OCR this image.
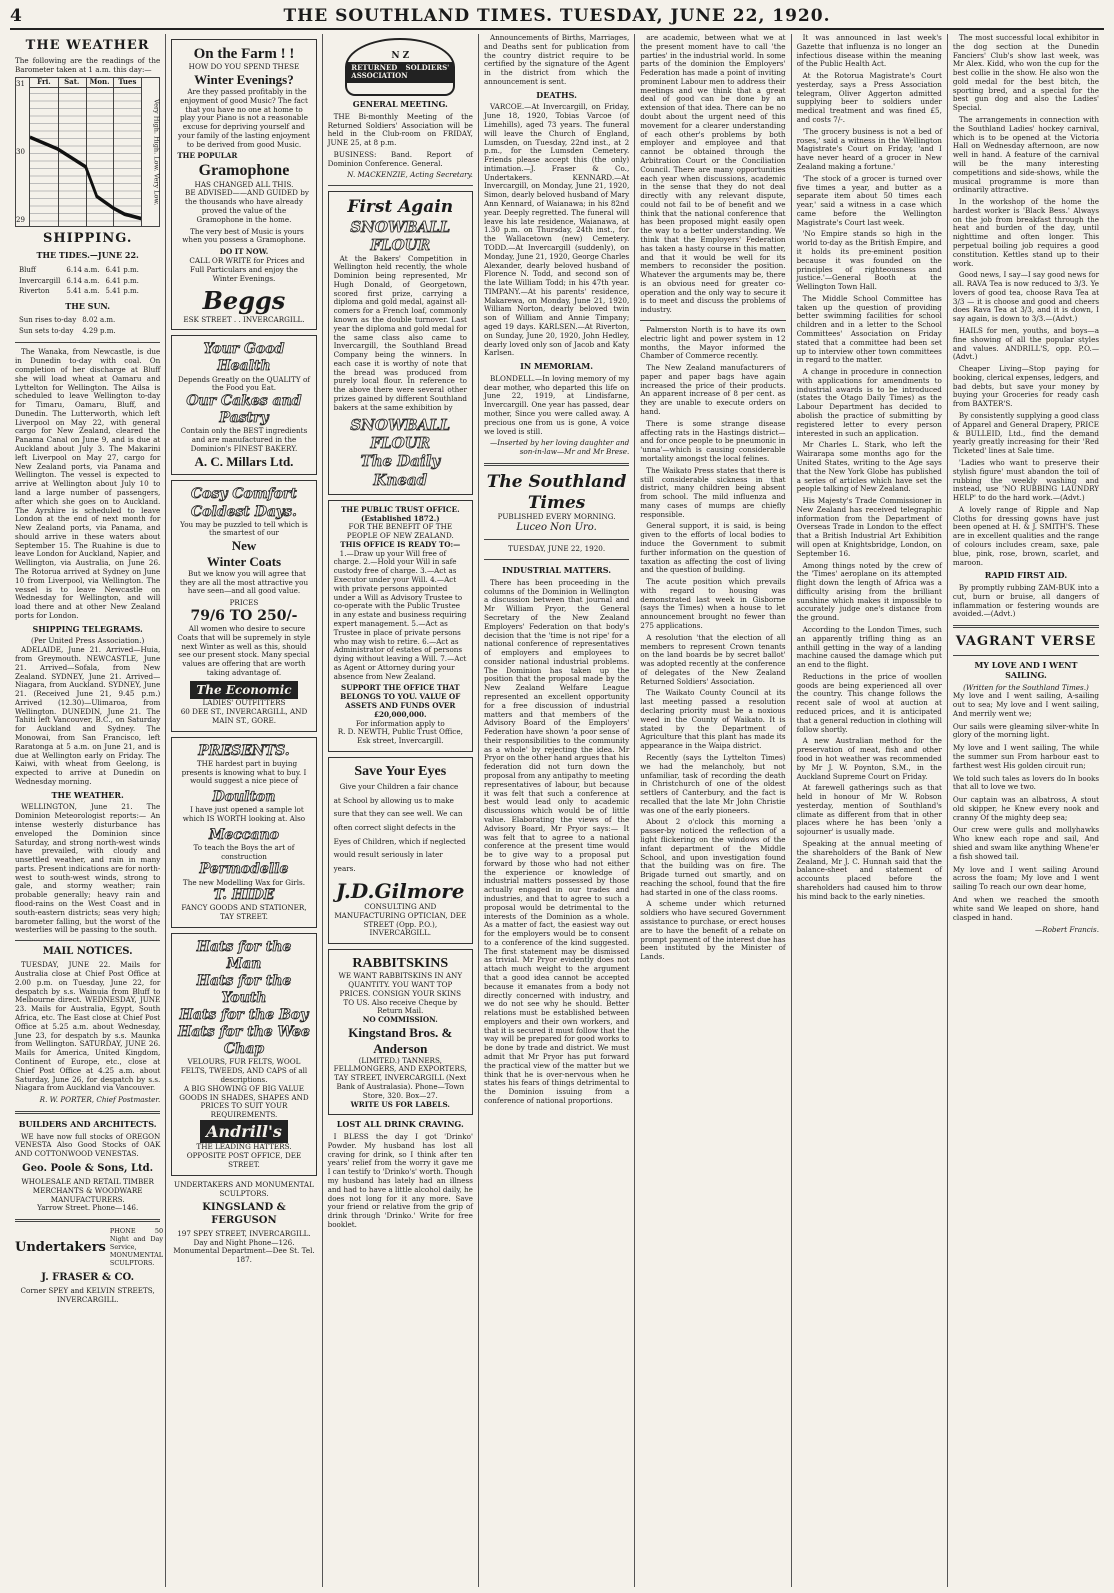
4	THE SOUTHLAND TIMES. TUESDAY, JUNE 22, 1920.
THE WEATHER

The following are the readings of the Barometer taken at 1 a.m. this day:—

31
30
29
Fri.	Sat.	Mon.	Tues
Very High. High. Low. Very Low.
SHIPPING.
THE TIDES.—JUNE 22.
Bluff	6.14 a.m.	6.41 p.m.
Invercargill	6.14 a.m.	6.41 p.m.
Riverton	5.41 a.m.	5.41 p.m.
THE SUN.
Sun rises to-day	8.02 a.m.
Sun sets to-day	4.29 p.m.

The Wanaka, from Newcastle, is due in Dunedin to-day with coal. On completion of her discharge at Bluff she will load wheat at Oamaru and Lyttelton for Wellington. The Ailsa is scheduled to leave Wellington to-day for Timaru, Oamaru, Bluff, and Dunedin. The Lutterworth, which left Liverpool on May 22, with general cargo for New Zealand, cleared the Panama Canal on June 9, and is due at Auckland about July 3. The Makarini left Liverpool on May 27, cargo for New Zealand ports, via Panama and Wellington. The vessel is expected to arrive at Wellington about July 10 to land a large number of passengers, after which she goes on to Auckland. The Ayrshire is scheduled to leave London at the end of next month for New Zealand ports, via Panama, and should arrive in these waters about September 15. The Ruahine is due to leave London for Auckland, Napier, and Wellington, via Australia, on June 26. The Rotorua arrived at Sydney on June 10 from Liverpool, via Wellington. The vessel is to leave Newcastle on Wednesday for Wellington, and will load there and at other New Zealand ports for London.

SHIPPING TELEGRAMS.
(Per United Press Association.)

ADELAIDE, June 21. Arrived—Huia, from Greymouth. NEWCASTLE, June 21. Arrived—Sofala, from New Zealand. SYDNEY, June 21. Arrived—Niagara, from Auckland. SYDNEY, June 21. (Received June 21, 9.45 p.m.) Arrived (12.30)—Ulimaroa, from Wellington. DUNEDIN, June 21. The Tahiti left Vancouver, B.C., on Saturday for Auckland and Sydney. The Monowai, from San Francisco, left Raratonga at 5 a.m. on June 21, and is due at Wellington early on Friday. The Kaiwi, with wheat from Geelong, is expected to arrive at Dunedin on Wednesday morning.

THE WEATHER.

WELLINGTON, June 21. The Dominion Meteorologist reports:— An intense westerly disturbance has enveloped the Dominion since Saturday, and strong north-west winds have prevailed, with cloudy and unsettled weather, and rain in many parts. Present indications are for north-west to south-west winds, strong to gale, and stormy weather; rain probable generally; heavy rain and flood-rains on the West Coast and in south-eastern districts; seas very high; barometer falling, but the worst of the westerlies will be passing to the south.

MAIL NOTICES.

TUESDAY, JUNE 22. Mails for Australia close at Chief Post Office at 2.00 p.m. on Tuesday, June 22, for despatch by s.s. Wainuia from Bluff to Melbourne direct. WEDNESDAY, JUNE 23. Mails for Australia, Egypt, South Africa, etc. The East close at Chief Post Office at 5.25 a.m. about Wednesday, June 23, for despatch by s.s. Maunka from Wellington. SATURDAY, JUNE 26. Mails for America, United Kingdom, Continent of Europe, etc., close at Chief Post Office at 4.25 a.m. about Saturday, June 26, for despatch by s.s. Niagara from Auckland via Vancouver.

R. W. PORTER, Chief Postmaster.
BUILDERS AND ARCHITECTS.

WE have now full stocks of OREGON VENESTA Also Good Stocks of OAK AND COTTONWOOD VENESTAS.

Geo. Poole & Sons, Ltd.
WHOLESALE AND RETAIL TIMBER MERCHANTS & WOODWARE MANUFACTURERS.
Yarrow Street. Phone—146.
Undertakers
PHONE 50 Night and Day Service, MONUMENTAL SCULPTORS.
J. FRASER & CO.
Corner SPEY and KELVIN STREETS, INVERCARGILL.
On the Farm ! !
HOW DO YOU SPEND THESE
Winter Evenings?

Are they passed profitably in the enjoyment of good Music? The fact that you have no one at home to play your Piano is not a reasonable excuse for depriving yourself and your family of the lasting enjoyment to be derived from good Music.

THE POPULAR
Gramophone
HAS CHANGED ALL THIS.

BE ADVISED——AND GUIDED by the thousands who have already proved the value of the Gramophone in the home.

The very best of Music is yours when you possess a Gramophone.

DO IT NOW.

CALL OR WRITE for Prices and Full Particulars and enjoy the Winter Evenings.

Beggs
ESK STREET . . INVERCARGILL.
Your Good Health
Depends Greatly on the QUALITY of the Food you Eat.
Our Cakes and Pastry
Contain only the BEST ingredients and are manufactured in the Dominion's FINEST BAKERY.
A. C. Millars Ltd.
Cosy Comfort
Coldest Days.
You may be puzzled to tell which is the smartest of our
New
Winter Coats

But we know you will agree that they are all the most attractive you have seen—and all good value.

PRICES
79/6 TO 250/-

All women who desire to secure Coats that will be supremely in style next Winter as well as this, should see our present stock. Many special values are offering that are worth taking advantage of.

The Economic
LADIES' OUTFITTERS
60 DEE ST., INVERCARGILL, AND MAIN ST., GORE.
PRESENTS.

THE hardest part in buying presents is knowing what to buy. I would suggest a nice piece of

Doulton

I have just opened a sample lot which IS WORTH looking at. Also

Meccano
To teach the Boys the art of construction
Permodelle
The new Modelling Wax for Girls.
T. HIDE
FANCY GOODS AND STATIONER, TAY STREET.
Hats for the Man
Hats for the Youth
Hats for the Boy
Hats for the Wee Chap
VELOURS, FUR FELTS, WOOL FELTS, TWEEDS, AND CAPS of all descriptions.
A BIG SHOWING OF BIG VALUE GOODS IN SHADES, SHAPES AND PRICES TO SUIT YOUR REQUIREMENTS.
Andrill's
THE LEADING HATTERS.
OPPOSITE POST OFFICE, DEE STREET.
UNDERTAKERS AND MONUMENTAL SCULPTORS.
KINGSLAND & FERGUSON
197 SPEY STREET, INVERCARGILL. Day and Night Phone—126. Monumental Department—Dee St. Tel. 187.
N Z
RETURNED SOLDIERS' ASSOCIATION
GENERAL MEETING.

THE Bi-monthly Meeting of the Returned Soldiers' Association will be held in the Club-room on FRIDAY, JUNE 25, at 8 p.m.

BUSINESS: Band. Report of Dominion Conference. General.

N. MACKENZIE, Acting Secretary.
First Again
SNOWBALL FLOUR

At the Bakers' Competition in Wellington held recently, the whole Dominion being represented, Mr Hugh Donald, of Georgetown, scored first prize, carrying a diploma and gold medal, against all-comers for a French loaf, commonly known as the double turnover. Last year the diploma and gold medal for the same class also came to Invercargill, the Southland Bread Company being the winners. In each case it is worthy of note that the bread was produced from purely local flour. In reference to the above there were several other prizes gained by different Southland bakers at the same exhibition by

SNOWBALL FLOUR
The Daily Knead
THE PUBLIC TRUST OFFICE. (Established 1872.)
FOR THE BENEFIT OF THE PEOPLE OF NEW ZEALAND.
THIS OFFICE IS READY TO:—

1.—Draw up your Will free of charge. 2.—Hold your Will in safe custody free of charge. 3.—Act as Executor under your Will. 4.—Act with private persons appointed under a Will as Advisory Trustee to co-operate with the Public Trustee in any estate and business requiring expert management. 5.—Act as Trustee in place of private persons who may wish to retire. 6.—Act as Administrator of estates of persons dying without leaving a Will. 7.—Act as Agent or Attorney during your absence from New Zealand.

SUPPORT THE OFFICE THAT BELONGS TO YOU. VALUE OF ASSETS AND FUNDS OVER £20,000,000.
For information apply to
R. D. NEWTH, Public Trust Office, Esk street, Invercargill.
Save Your Eyes

Give your Children a fair chance at School by allowing us to make sure that they can see well. We can often correct slight defects in the Eyes of Children, which if neglected would result seriously in later years.

J.D.Gilmore
CONSULTING AND MANUFACTURING OPTICIAN, DEE STREET (Opp. P.O.), INVERCARGILL.
RABBITSKINS
WE WANT RABBITSKINS IN ANY QUANTITY. YOU WANT TOP PRICES. CONSIGN YOUR SKINS TO US. Also receive Cheque by Return Mail.
NO COMMISSION.
Kingstand Bros. & Anderson
(LIMITED.) TANNERS, FELLMONGERS, AND EXPORTERS, TAY STREET, INVERCARGILL (Next Bank of Australasia). Phone—Town Store, 320. Box—27.
WRITE US FOR LABELS.
LOST ALL DRINK CRAVING.

I BLESS the day I got 'Drinko' Powder. My husband has lost all craving for drink, so I think after ten years' relief from the worry it gave me I can testify to 'Drinko's' worth. Though my husband has lately had an illness and had to have a little alcohol daily, he does not long for it any more. Save your friend or relative from the grip of drink through 'Drinko.' Write for free booklet.

Announcements of Births, Marriages, and Deaths sent for publication from the country district require to be certified by the signature of the Agent in the district from which the announcement is sent.

DEATHS.

VARCOE.—At Invercargill, on Friday, June 18, 1920, Tobias Varcoe (of Limehills), aged 73 years. The funeral will leave the Church of England, Lumsden, on Tuesday, 22nd inst., at 2 p.m., for the Lumsden Cemetery. Friends please accept this (the only) intimation.—J. Fraser & Co., Undertakers. KENNARD.—At Invercargill, on Monday, June 21, 1920, Simon, dearly beloved husband of Mary Ann Kennard, of Waianawa; in his 82nd year. Deeply regretted. The funeral will leave his late residence, Waianawa, at 1.30 p.m. on Thursday, 24th inst., for the Wallacetown (new) Cemetery. TODD.—At Invercargill (suddenly), on Monday, June 21, 1920, George Charles Alexander, dearly beloved husband of Florence N. Todd, and second son of the late William Todd; in his 47th year. TIMPANY.—At his parents' residence, Makarewa, on Monday, June 21, 1920, William Norton, dearly beloved twin son of William and Annie Timpany; aged 19 days. KARLSEN.—At Riverton, on Sunday, June 20, 1920, John Hedley, dearly loved only son of Jacob and Katy Karlsen.

IN MEMORIAM.

BLONDELL.—In loving memory of my dear mother, who departed this life on June 22, 1919, at Lindisfarne, Invercargill. One year has passed, dear mother, Since you were called away. A precious one from us is gone, A voice we loved is still.

—Inserted by her loving daughter and son-in-law—Mr and Mr Brese.
The Southland Times
PUBLISHED EVERY MORNING.
Luceo Non Uro.
TUESDAY, JUNE 22, 1920.
INDUSTRIAL MATTERS.

There has been proceeding in the columns of the Dominion in Wellington a discussion between that journal and Mr William Pryor, the General Secretary of the New Zealand Employers' Federation on that body's decision that the 'time is not ripe' for a national conference of representatives of employers and employees to consider national industrial problems. The Dominion has taken up the position that the proposal made by the New Zealand Welfare League represented an excellent opportunity for a free discussion of industrial matters and that members of the Advisory Board of the Employers' Federation have shown 'a poor sense of their responsibilities to the community as a whole' by rejecting the idea. Mr Pryor on the other hand argues that his federation did not turn down the proposal from any antipathy to meeting representatives of labour, but because it was felt that such a conference at best would lead only to academic discussions which would be of little value. Elaborating the views of the Advisory Board, Mr Pryor says:— It was felt that to agree to a national conference at the present time would be to give way to a proposal put forward by those who had not either the experience or knowledge of industrial matters possessed by those actually engaged in our trades and industries, and that to agree to such a proposal would be detrimental to the interests of the Dominion as a whole. As a matter of fact, the easiest way out for the employers would be to consent to a conference of the kind suggested. The first statement may be dismissed as trivial. Mr Pryor evidently does not attach much weight to the argument that a good idea cannot be accepted because it emanates from a body not directly concerned with industry, and we do not see why he should. Better relations must be established between employers and their own workers, and that it is secured it must follow that the way will be prepared for good works to be done by trade and district. We must admit that Mr Pryor has put forward the practical view of the matter but we think that he is over-nervous when he states his fears of things detrimental to the Dominion issuing from a conference of national proportions.

are academic, between what we at the present moment have to call 'the parties' in the industrial world. In some parts of the dominion the Employers' Federation has made a point of inviting prominent Labour men to address their meetings and we think that a great deal of good can be done by an extension of that idea. There can be no doubt about the urgent need of this movement for a clearer understanding of each other's problems by both employer and employee and that cannot be obtained through the Arbitration Court or the Conciliation Council. There are many opportunities each year when discussions, academic in the sense that they do not deal directly with any relevant dispute, could not fail to be of benefit and we think that the national conference that has been proposed might easily open the way to a better understanding. We think that the Employers' Federation has taken a hasty course in this matter, and that it would be well for its members to reconsider the position. Whatever the arguments may be, there is an obvious need for greater co-operation and the only way to secure it is to meet and discuss the problems of industry.

Palmerston North is to have its own electric light and power system in 12 months, the Mayor informed the Chamber of Commerce recently.

The New Zealand manufacturers of paper and paper bags have again increased the price of their products. An apparent increase of 8 per cent. as they are unable to execute orders on hand.

There is some strange disease affecting rats in the Hastings district—and for once people to be pneumonic in 'unna'—which is causing considerable mortality amongst the local felines.

The Waikato Press states that there is still considerable sickness in that district, many children being absent from school. The mild influenza and many cases of mumps are chiefly responsible.

General support, it is said, is being given to the efforts of local bodies to induce the Government to submit further information on the question of taxation as affecting the cost of living and the question of building.

The acute position which prevails with regard to housing was demonstrated last week in Gisborne (says the Times) when a house to let announcement brought no fewer than 275 applications.

A resolution 'that the election of all members to represent Crown tenants on the land boards be by secret ballot' was adopted recently at the conference of delegates of the New Zealand Returned Soldiers' Association.

The Waikato County Council at its last meeting passed a resolution declaring priority must be a noxious weed in the County of Waikato. It is stated by the Department of Agriculture that this plant has made its appearance in the Waipa district.

Recently (says the Lyttelton Times) we had the melancholy, but not unfamiliar, task of recording the death in Christchurch of one of the oldest settlers of Canterbury, and the fact is recalled that the late Mr John Christie was one of the early pioneers.

About 2 o'clock this morning a passer-by noticed the reflection of a light flickering on the windows of the infant department of the Middle School, and upon investigation found that the building was on fire. The Brigade turned out smartly, and on reaching the school, found that the fire had started in one of the class rooms.

A scheme under which returned soldiers who have secured Government assistance to purchase, or erect houses are to have the benefit of a rebate on prompt payment of the interest due has been instituted by the Minister of Lands.

It was announced in last week's Gazette that influenza is no longer an infectious disease within the meaning of the Public Health Act.

At the Rotorua Magistrate's Court yesterday, says a Press Association telegram, Oliver Aggerton admitted supplying beer to soldiers under medical treatment and was fined £5, and costs 7/-.

'The grocery business is not a bed of roses,' said a witness in the Wellington Magistrate's Court on Friday, 'and I have never heard of a grocer in New Zealand making a fortune.'

'The stock of a grocer is turned over five times a year, and butter as a separate item about 50 times each year,' said a witness in a case which came before the Wellington Magistrate's Court last week.

'No Empire stands so high in the world to-day as the British Empire, and it holds its pre-eminent position because it was founded on the principles of righteousness and justice.'—General Booth at the Wellington Town Hall.

The Middle School Committee has taken up the question of providing better swimming facilities for school children and in a letter to the School Committees' Association on Friday stated that a committee had been set up to interview other town committees in regard to the matter.

A change in procedure in connection with applications for amendments to industrial awards is to be introduced (states the Otago Daily Times) as the Labour Department has decided to abolish the practice of submitting by registered letter to every person interested in such an application.

Mr Charles L. Stark, who left the Wairarapa some months ago for the United States, writing to the Age says that the New York Globe has published a series of articles which have set the people talking of New Zealand.

His Majesty's Trade Commissioner in New Zealand has received telegraphic information from the Department of Overseas Trade in London to the effect that a British Industrial Art Exhibition will open at Knightsbridge, London, on September 16.

Among things noted by the crew of the 'Times' aeroplane on its attempted flight down the length of Africa was a difficulty arising from the brilliant sunshine which makes it impossible to accurately judge one's distance from the ground.

According to the London Times, such an apparently trifling thing as an anthill getting in the way of a landing machine caused the damage which put an end to the flight.

Reductions in the price of woollen goods are being experienced all over the country. This change follows the recent sale of wool at auction at reduced prices, and it is anticipated that a general reduction in clothing will follow shortly.

A new Australian method for the preservation of meat, fish and other food in hot weather was recommended by Mr J. W. Poynton, S.M., in the Auckland Supreme Court on Friday.

At farewell gatherings such as that held in honour of Mr W. Robson yesterday, mention of Southland's climate as different from that in other places where he has been 'only a sojourner' is usually made.

Speaking at the annual meeting of the shareholders of the Bank of New Zealand, Mr J. C. Hunnah said that the balance-sheet and statement of accounts placed before the shareholders had caused him to throw his mind back to the early nineties.

The most successful local exhibitor in the dog section at the Dunedin Fanciers' Club's show last week, was Mr Alex. Kidd, who won the cup for the best collie in the show. He also won the gold medal for the best bitch, the sporting bred, and a special for the best gun dog and also the Ladies' Special.

The arrangements in connection with the Southland Ladies' hockey carnival, which is to be opened at the Victoria Hall on Wednesday afternoon, are now well in hand. A feature of the carnival will be the many interesting competitions and side-shows, while the musical programme is more than ordinarily attractive.

In the workshop of the home the hardest worker is 'Black Bess.' Always on the job from breakfast through the heat and burden of the day, until nighttime and often longer. This perpetual boiling job requires a good constitution. Kettles stand up to their work.

Good news, I say—I say good news for all. RAVA Tea is now reduced to 3/3. Ye lovers of good tea, choose Rava Tea at 3/3 — it is choose and good and cheers does Rava Tea at 3/3, and it is down, I say again, is down to 3/3.—(Advt.)

HAILS for men, youths, and boys—a fine showing of all the popular styles and values. ANDRILL'S, opp. P.O.—(Advt.)

Cheaper Living—Stop paying for booking, clerical expenses, ledgers, and bad debts, but save your money by buying your Groceries for ready cash from BAXTER'S.

By consistently supplying a good class of Apparel and General Drapery, PRICE & BULLEID, Ltd., find the demand yearly greatly increasing for their 'Red Ticketed' lines at Sale time.

'Ladies who want to preserve their stylish figure' must abandon the toil of rubbing the weekly washing and instead, use 'NO RUBBING LAUNDRY HELP' to do the hard work.—(Advt.)

A lovely range of Ripple and Nap Cloths for dressing gowns have just been opened at H. & J. SMITH'S. These are in excellent qualities and the range of colours includes cream, saxe, pale blue, pink, rose, brown, scarlet, and maroon.

RAPID FIRST AID.

By promptly rubbing ZAM-BUK into a cut, burn or bruise, all dangers of inflammation or festering wounds are avoided.—(Advt.)

VAGRANT VERSE
MY LOVE AND I WENT SAILING.
(Written for the Southland Times.)

My love and I went sailing, A-sailing out to sea; My love and I went sailing, And merrily went we;

Our sails were gleaming silver-white In glory of the morning light.

My love and I went sailing, The while the summer sun From harbour east to farthest west His golden circuit run;

We told such tales as lovers do In books that all to love we two.

Our captain was an albatross, A stout old skipper, he Knew every nook and cranny Of the mighty deep sea;

Our crew were gulls and mollyhawks Who knew each rope and sail, And shied and swam like anything Whene'er a fish showed tail.

My love and I went sailing Around across the foam; My love and I went sailing To reach our own dear home,

And when we reached the smooth white sand We leaped on shore, hand clasped in hand.

—Robert Francis.
